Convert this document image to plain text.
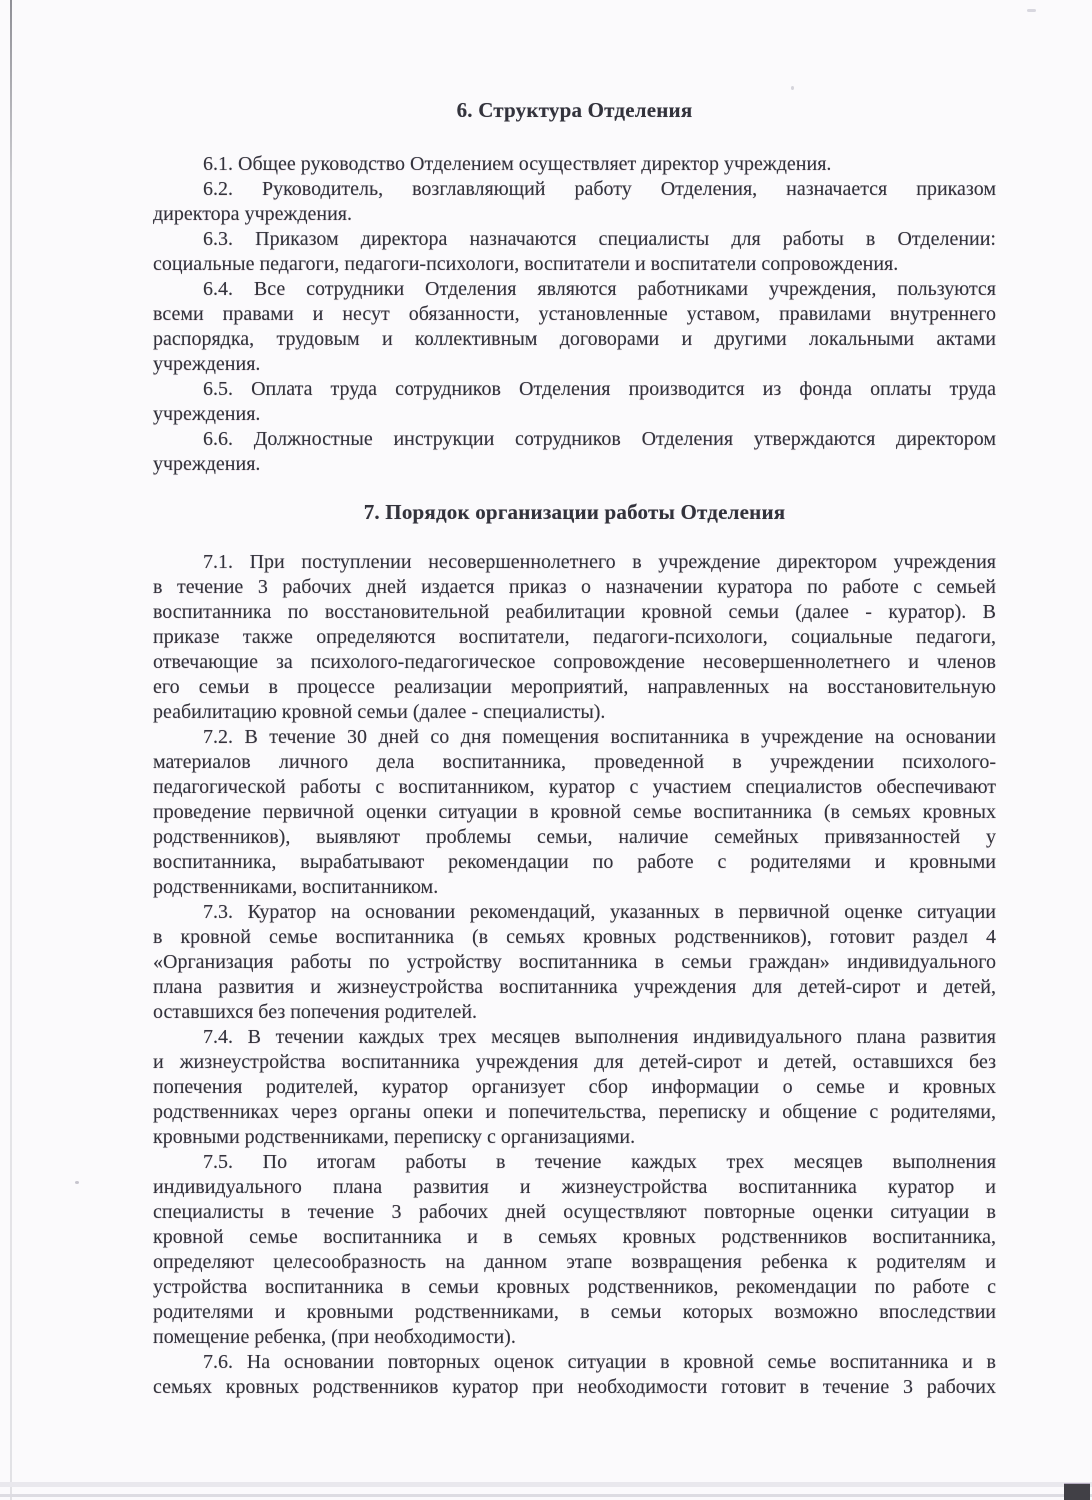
6. Структура Отделения
6.1. Общее руководство Отделением осуществляет директор учреждения.
6.2. Руководитель, возглавляющий работу Отделения, назначается приказом
директора учреждения.
6.3. Приказом директора назначаются специалисты для работы в Отделении:
социальные педагоги, педагоги-психологи, воспитатели и воспитатели сопровождения.
6.4. Все сотрудники Отделения являются работниками учреждения, пользуются
всеми правами и несут обязанности, установленные уставом, правилами внутреннего
распорядка, трудовым и коллективным договорами и другими локальными актами
учреждения.
6.5. Оплата труда сотрудников Отделения производится из фонда оплаты труда
учреждения.
6.6. Должностные инструкции сотрудников Отделения утверждаются директором
учреждения.
7. Порядок организации работы Отделения
7.1. При поступлении несовершеннолетнего в учреждение директором учреждения
в течение 3 рабочих дней издается приказ о назначении куратора по работе с семьей
воспитанника по восстановительной реабилитации кровной семьи (далее - куратор). В
приказе также определяются воспитатели, педагоги-психологи, социальные педагоги,
отвечающие за психолого-педагогическое сопровождение несовершеннолетнего и членов
его семьи в процессе реализации мероприятий, направленных на восстановительную
реабилитацию кровной семьи (далее - специалисты).
7.2. В течение 30 дней со дня помещения воспитанника в учреждение на основании
материалов личного дела воспитанника, проведенной в учреждении психолого-
педагогической работы с воспитанником, куратор с участием специалистов обеспечивают
проведение первичной оценки ситуации в кровной семье воспитанника (в семьях кровных
родственников), выявляют проблемы семьи, наличие семейных привязанностей у
воспитанника, вырабатывают рекомендации по работе с родителями и кровными
родственниками, воспитанником.
7.3. Куратор на основании рекомендаций, указанных в первичной оценке ситуации
в кровной семье воспитанника (в семьях кровных родственников), готовит раздел 4
«Организация работы по устройству воспитанника в семьи граждан» индивидуального
плана развития и жизнеустройства воспитанника учреждения для детей-сирот и детей,
оставшихся без попечения родителей.
7.4. В течении каждых трех месяцев выполнения индивидуального плана развития
и жизнеустройства воспитанника учреждения для детей-сирот и детей, оставшихся без
попечения родителей, куратор организует сбор информации о семье и кровных
родственниках через органы опеки и попечительства, переписку и общение с родителями,
кровными родственниками, переписку с организациями.
7.5. По итогам работы в течение каждых трех месяцев выполнения
индивидуального плана развития и жизнеустройства воспитанника куратор и
специалисты в течение 3 рабочих дней осуществляют повторные оценки ситуации в
кровной семье воспитанника и в семьях кровных родственников воспитанника,
определяют целесообразность на данном этапе возвращения ребенка к родителям и
устройства воспитанника в семьи кровных родственников, рекомендации по работе с
родителями и кровными родственниками, в семьи которых возможно впоследствии
помещение ребенка, (при необходимости).
7.6. На основании повторных оценок ситуации в кровной семье воспитанника и в
семьях кровных родственников куратор при необходимости готовит в течение 3 рабочих
